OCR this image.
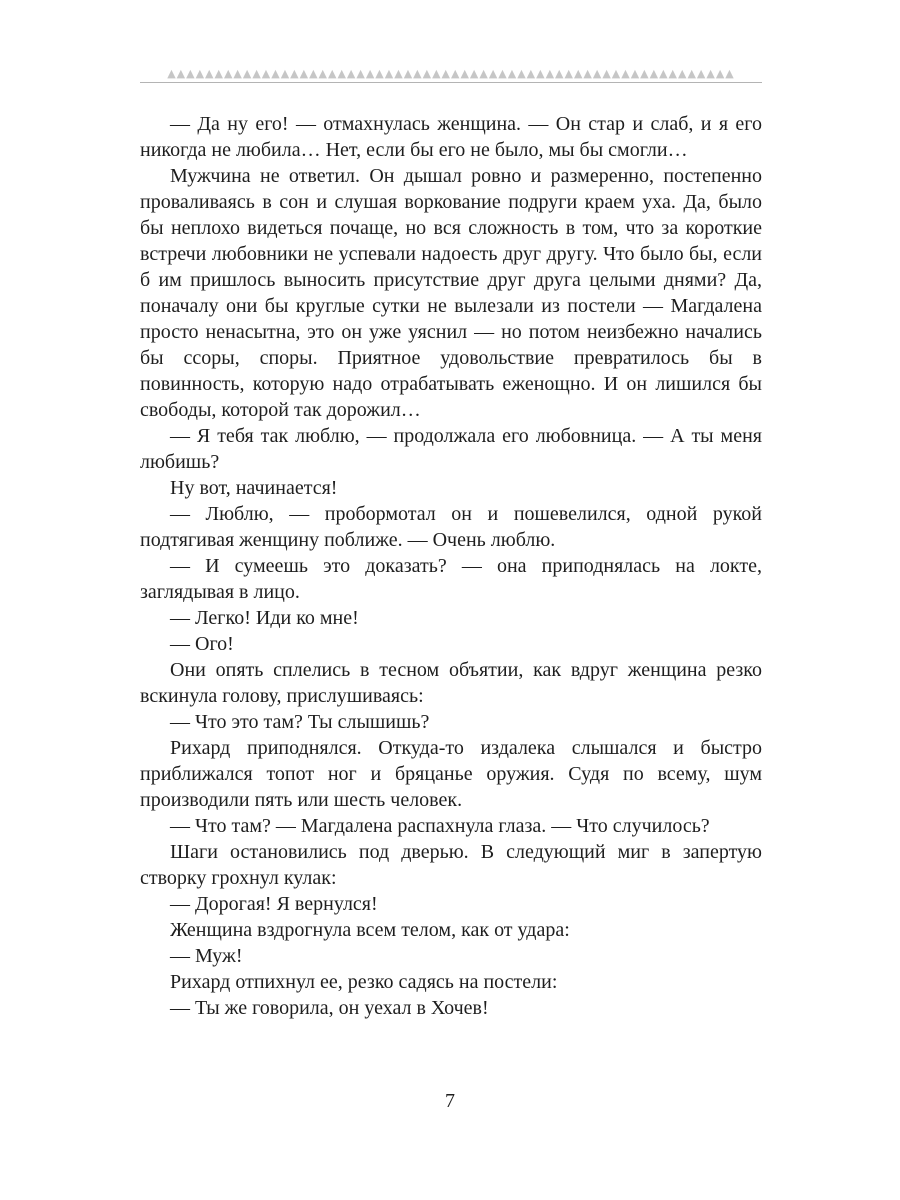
▲▲▲▲▲▲▲▲▲▲▲▲▲▲▲▲▲▲▲▲▲▲▲▲▲▲▲▲▲▲▲▲▲▲▲▲▲▲▲▲▲▲▲▲▲▲▲▲▲▲▲▲▲▲▲▲▲▲▲▲

— Да ну его! — отмахнулась женщина. — Он стар и слаб, и я его никогда не любила… Нет, если бы его не было, мы бы смогли…

Мужчина не ответил. Он дышал ровно и размеренно, постепенно проваливаясь в сон и слушая воркование подруги краем уха. Да, было бы неплохо видеться почаще, но вся сложность в том, что за короткие встречи любовники не успевали надоесть друг другу. Что было бы, если б им пришлось выносить присутствие друг друга целыми днями? Да, поначалу они бы круглые сутки не вылезали из постели — Магдалена просто ненасытна, это он уже уяснил — но потом неизбежно начались бы ссоры, споры. Приятное удовольствие превратилось бы в повинность, которую надо отрабатывать еженощно. И он лишился бы свободы, которой так дорожил…

— Я тебя так люблю, — продолжала его любовница. — А ты меня любишь?

Ну вот, начинается!

— Люблю, — пробормотал он и пошевелился, одной рукой подтягивая женщину поближе. — Очень люблю.

— И сумеешь это доказать? — она приподнялась на локте, заглядывая в лицо.

— Легко! Иди ко мне!

— Ого!

Они опять сплелись в тесном объятии, как вдруг женщина резко вскинула голову, прислушиваясь:

— Что это там? Ты слышишь?

Рихард приподнялся. Откуда-то издалека слышался и быстро приближался топот ног и бряцанье оружия. Судя по всему, шум производили пять или шесть человек.

— Что там? — Магдалена распахнула глаза. — Что случилось?

Шаги остановились под дверью. В следующий миг в запертую створку грохнул кулак:

— Дорогая! Я вернулся!

Женщина вздрогнула всем телом, как от удара:

— Муж!

Рихард отпихнул ее, резко садясь на постели:

— Ты же говорила, он уехал в Хочев!

7
